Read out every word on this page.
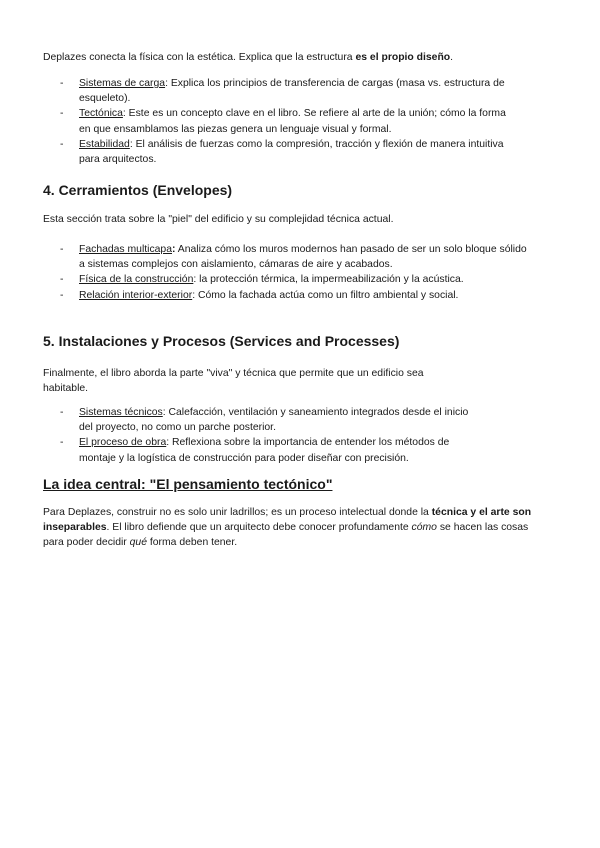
Deplazes conecta la física con la estética. Explica que la estructura es el propio diseño.

- Sistemas de carga: Explica los principios de transferencia de cargas (masa vs. estructura de esqueleto).
- Tectónica: Este es un concepto clave en el libro. Se refiere al arte de la unión; cómo la forma en que ensamblamos las piezas genera un lenguaje visual y formal.
- Estabilidad: El análisis de fuerzas como la compresión, tracción y flexión de manera intuitiva para arquitectos.
4. Cerramientos (Envelopes)

Esta sección trata sobre la "piel" del edificio y su complejidad técnica actual.

- Fachadas multicapa: Analiza cómo los muros modernos han pasado de ser un solo bloque sólido a sistemas complejos con aislamiento, cámaras de aire y acabados.
- Física de la construcción: la protección térmica, la impermeabilización y la acústica.
- Relación interior-exterior: Cómo la fachada actúa como un filtro ambiental y social.
5. Instalaciones y Procesos (Services and Processes)

Finalmente, el libro aborda la parte "viva" y técnica que permite que un edificio sea habitable.

- Sistemas técnicos: Calefacción, ventilación y saneamiento integrados desde el inicio del proyecto, no como un parche posterior.
- El proceso de obra: Reflexiona sobre la importancia de entender los métodos de montaje y la logística de construcción para poder diseñar con precisión.
La idea central: "El pensamiento tectónico"

Para Deplazes, construir no es solo unir ladrillos; es un proceso intelectual donde la técnica y el arte son inseparables. El libro defiende que un arquitecto debe conocer profundamente cómo se hacen las cosas para poder decidir qué forma deben tener.
